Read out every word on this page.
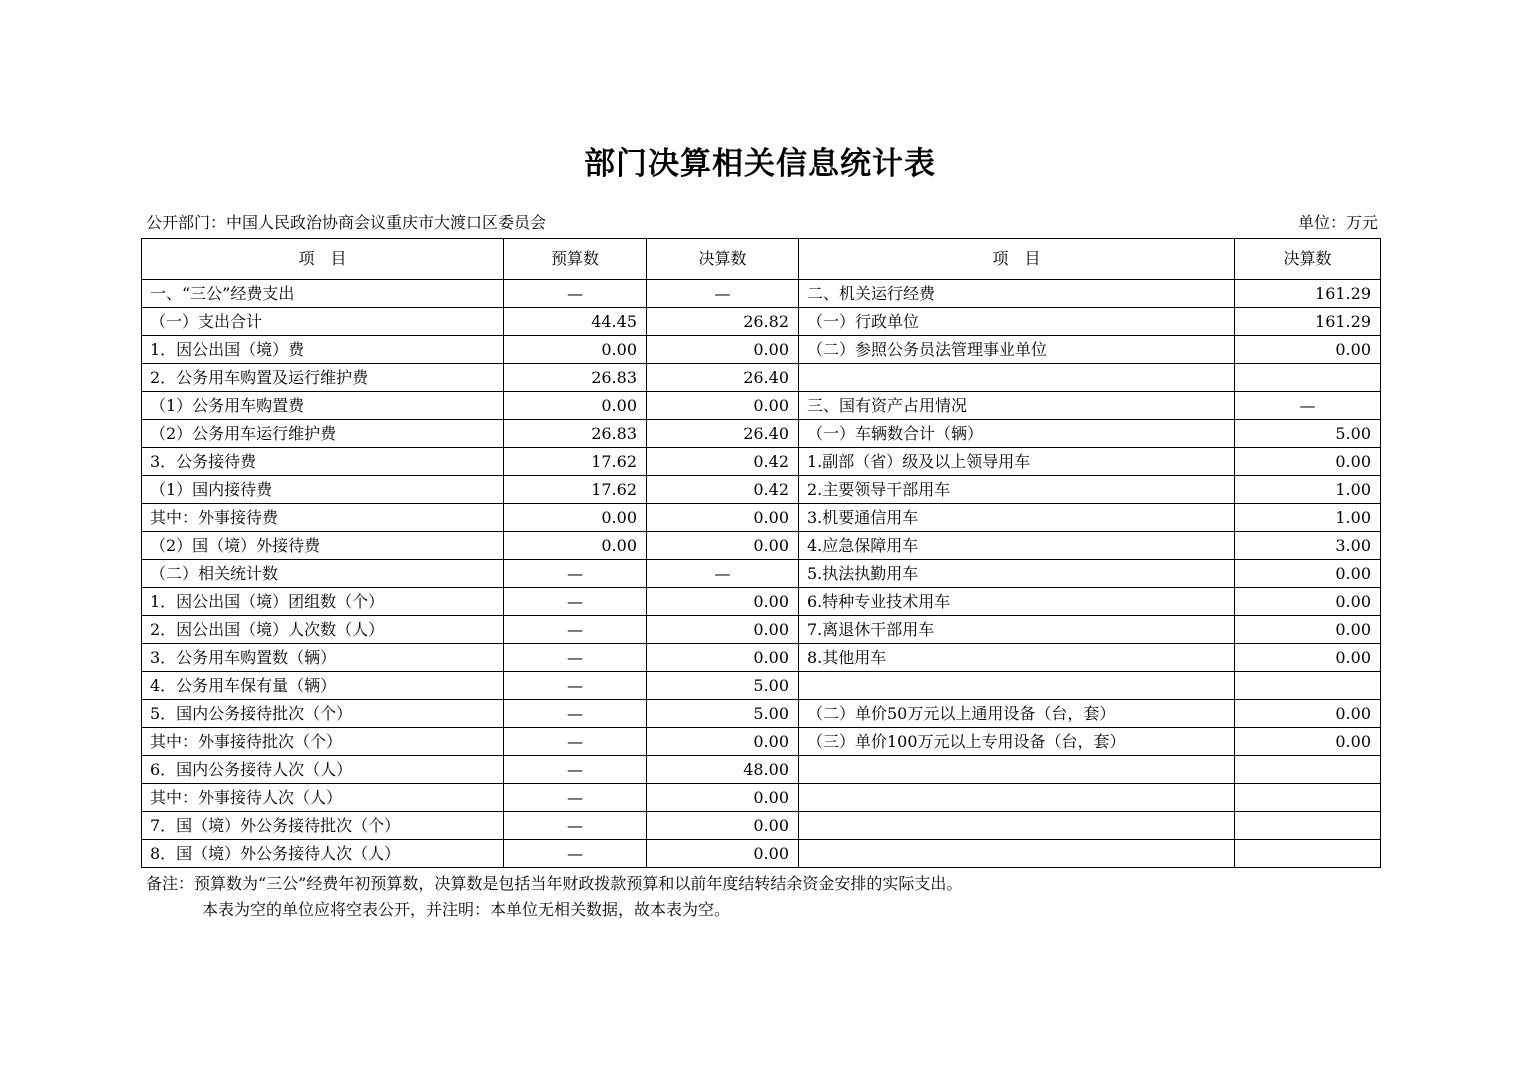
部门决算相关信息统计表
公开部门：中国人民政治协商会议重庆市大渡口区委员会	单位：万元
项　目	预算数	决算数	项　目	决算数
一、“三公”经费支出	—	—	二、机关运行经费	161.29
（一）支出合计	44.45	26.82	（一）行政单位	161.29
1．因公出国（境）费	0.00	0.00	（二）参照公务员法管理事业单位	0.00
2．公务用车购置及运行维护费	26.83	26.40		
（1）公务用车购置费	0.00	0.00	三、国有资产占用情况	—
（2）公务用车运行维护费	26.83	26.40	（一）车辆数合计（辆）	5.00
3．公务接待费	17.62	0.42	1.副部（省）级及以上领导用车	0.00
（1）国内接待费	17.62	0.42	2.主要领导干部用车	1.00
其中：外事接待费	0.00	0.00	3.机要通信用车	1.00
（2）国（境）外接待费	0.00	0.00	4.应急保障用车	3.00
（二）相关统计数	—	—	5.执法执勤用车	0.00
1．因公出国（境）团组数（个）	—	0.00	6.特种专业技术用车	0.00
2．因公出国（境）人次数（人）	—	0.00	7.离退休干部用车	0.00
3．公务用车购置数（辆）	—	0.00	8.其他用车	0.00
4．公务用车保有量（辆）	—	5.00		
5．国内公务接待批次（个）	—	5.00	（二）单价50万元以上通用设备（台，套）	0.00
其中：外事接待批次（个）	—	0.00	（三）单价100万元以上专用设备（台，套）	0.00
6．国内公务接待人次（人）	—	48.00		
其中：外事接待人次（人）	—	0.00		
7．国（境）外公务接待批次（个）	—	0.00		
8．国（境）外公务接待人次（人）	—	0.00		
备注：预算数为“三公”经费年初预算数，决算数是包括当年财政拨款预算和以前年度结转结余资金安排的实际支出。
本表为空的单位应将空表公开，并注明：本单位无相关数据，故本表为空。
